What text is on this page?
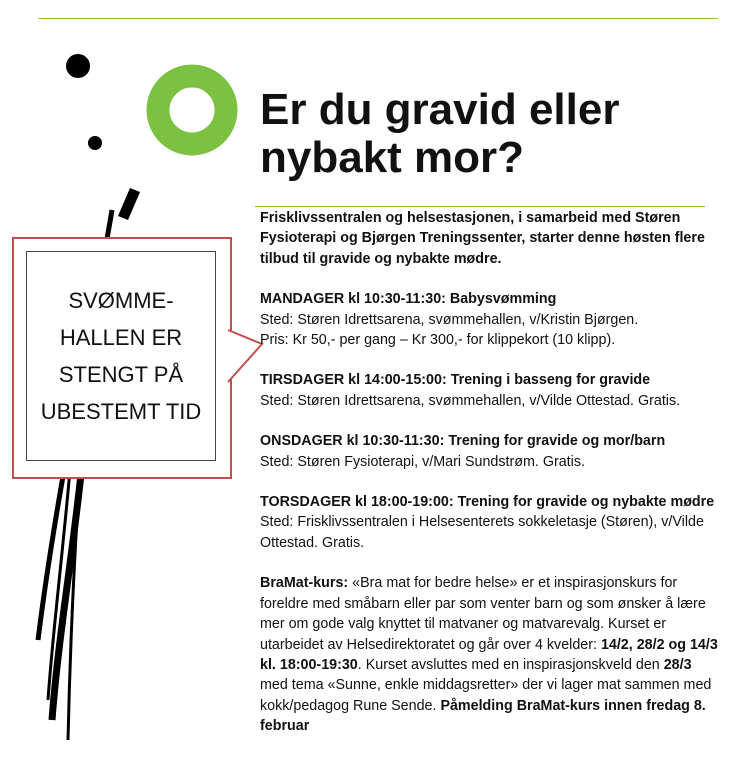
Er du gravid eller nybakt mor?
SVØMME-HALLEN ER STENGT PÅ UBESTEMT TID

Frisklivssentralen og helsestasjonen, i samarbeid med Støren Fysioterapi og Bjørgen Treningssenter, starter denne høsten flere tilbud til gravide og nybakte mødre.

MANDAGER kl 10:30-11:30: Babysvømming
Sted: Støren Idrettsarena, svømmehallen, v/Kristin Bjørgen.
Pris: Kr 50,- per gang – Kr 300,- for klippekort (10 klipp).

TIRSDAGER kl 14:00-15:00: Trening i basseng for gravide
Sted: Støren Idrettsarena, svømmehallen, v/Vilde Ottestad. Gratis.

ONSDAGER kl 10:30-11:30: Trening for gravide og mor/barn
Sted: Støren Fysioterapi, v/Mari Sundstrøm. Gratis.

TORSDAGER kl 18:00-19:00: Trening for gravide og nybakte mødre
Sted: Frisklivssentralen i Helsesenterets sokkeletasje (Støren), v/Vilde Ottestad. Gratis.

BraMat-kurs: «Bra mat for bedre helse» er et inspirasjonskurs for foreldre med småbarn eller par som venter barn og som ønsker å lære mer om gode valg knyttet til matvaner og matvarevalg. Kurset er utarbeidet av Helsedirektoratet og går over 4 kvelder: 14/2, 28/2 og 14/3 kl. 18:00-19:30. Kurset avsluttes med en inspirasjonskveld den 28/3 med tema «Sunne, enkle middagsretter» der vi lager mat sammen med kokk/pedagog Rune Sende. Påmelding BraMat-kurs innen fredag 8. februar
